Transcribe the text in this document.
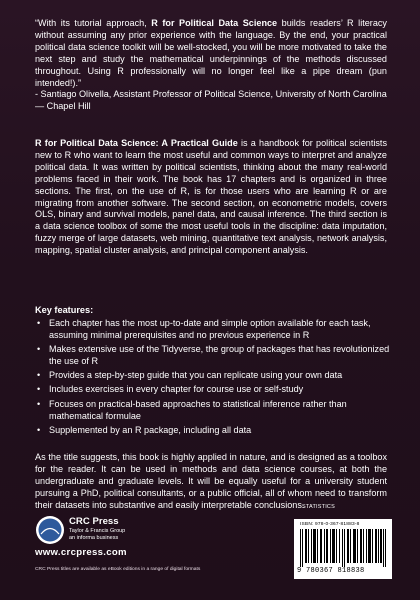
“With its tutorial approach, R for Political Data Science builds readers’ R literacy without assuming any prior experience with the language. By the end, your practical political data science toolkit will be well-stocked, you will be more motivated to take the next step and study the mathematical underpinnings of the methods discussed throughout. Using R professionally will no longer feel like a pipe dream (pun intended!).”
- Santiago Olivella, Assistant Professor of Political Science, University of North Carolina — Chapel Hill
R for Political Data Science: A Practical Guide is a handbook for political scientists new to R who want to learn the most useful and common ways to interpret and analyze political data. It was written by political scientists, thinking about the many real-world problems faced in their work. The book has 17 chapters and is organized in three sections. The first, on the use of R, is for those users who are learning R or are migrating from another software. The second section, on econometric models, covers OLS, binary and survival models, panel data, and causal inference. The third section is a data science toolbox of some the most useful tools in the discipline: data imputation, fuzzy merge of large datasets, web mining, quantitative text analysis, network analysis, mapping, spatial cluster analysis, and principal component analysis.
Key features:
• Each chapter has the most up-to-date and simple option available for each task, assuming minimal prerequisites and no previous experience in R
• Makes extensive use of the Tidyverse, the group of packages that has revolutionized the use of R
• Provides a step-by-step guide that you can replicate using your own data
• Includes exercises in every chapter for course use or self-study
• Focuses on practical-based approaches to statistical inference rather than mathematical formulae
• Supplemented by an R package, including all data
As the title suggests, this book is highly applied in nature, and is designed as a toolbox for the reader. It can be used in methods and data science courses, at both the undergraduate and graduate levels. It will be equally useful for a university student pursuing a PhD, political consultants, or a public official, all of whom need to transform their datasets into substantive and easily interpretable conclusions.
STATISTICS
ISBN: 978-0-367-81883-8
9 780367 818838
CRC Press
Taylor & Francis Group
an informa business
www.crcpress.com
CRC Press titles are available as eBook editions in a range of digital formats
